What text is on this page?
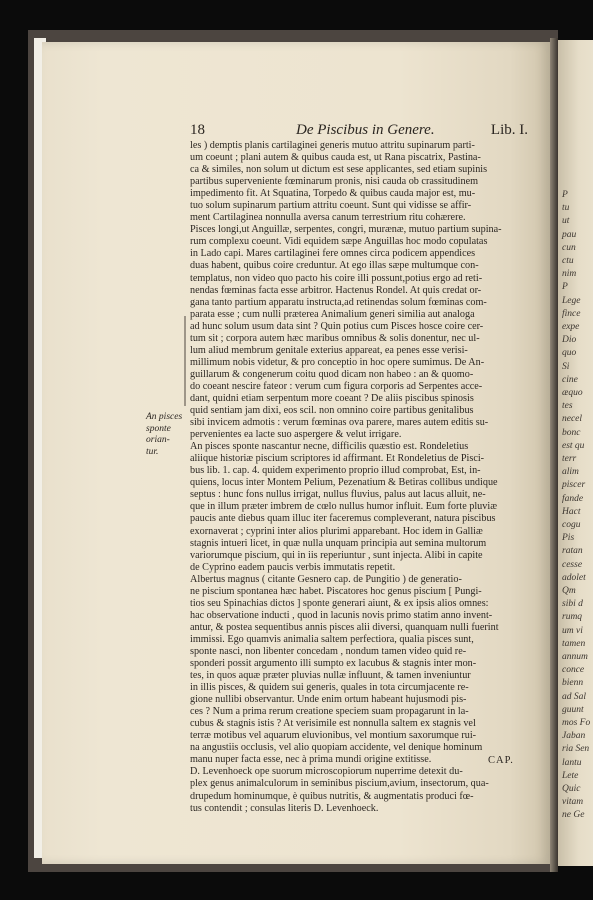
P
tu
ut
pau
cun
ctu
nim
P
Lege
fince
expe
Dio
quo
Si
cine
æquo
tes
necel
bonc
est qu
terr
alim
piscer
fande
Hact
cogu
Pis
ratan
cesse
adolet
Qm
sibi d
rumq
um vi
tamen
annum
conce
bienn
ad Sal
guunt
mos Fo
Jaban
ria Sen
lantu
Lete
Quic
vitam
ne Ge
18	De Piscibus in Genere.	Lib. I.
An pisces
sponte orian-
tur.
les ) demptis planis cartilaginei generis mutuo attritu supinarum parti-
um coeunt ; plani autem & quibus cauda est, ut Rana piscatrix, Pastina-
ca & similes, non solum ut dictum est sese applicantes, sed etiam supinis
partibus superveniente fœminarum pronis, nisi cauda ob crassitudinem
impedimento fit. At Squatina, Torpedo & quibus cauda major est, mu-
tuo solum supinarum partium attritu coeunt. Sunt qui vidisse se affir-
ment Cartilaginea nonnulla aversa canum terrestrium ritu cohærere.
Pisces longi,ut Anguillæ, serpentes, congri, murænæ, mutuo partium supina-
rum complexu coeunt. Vidi equidem sæpe Anguillas hoc modo copulatas
in Lado capi. Mares cartilaginei fere omnes circa podicem appendices
duas habent, quibus coire creduntur. At ego illas sæpe multumque con-
templatus, non video quo pacto his coire illi possunt,potius ergo ad reti-
nendas fœminas facta esse arbitror. Hactenus Rondel. At quis credat or-
gana tanto partium apparatu instructa,ad retinendas solum fœminas com-
parata esse ; cum nulli præterea Animalium generi similia aut analoga
ad hunc solum usum data sint ? Quin potius cum Pisces hosce coire cer-
tum sit ; corpora autem hæc maribus omnibus & solis donentur, nec ul-
lum aliud membrum genitale exterius appareat, ea penes esse verisi-
millimum nobis videtur, & pro conceptio in hoc opere sumimus. De An-
guillarum & congenerum coitu quod dicam non habeo : an & quomo-
do coeant nescire fateor : verum cum figura corporis ad Serpentes acce-
dant, quidni etiam serpentum more coeant ? De aliis piscibus spinosis
quid sentiam jam dixi, eos scil. non omnino coire partibus genitalibus
sibi invicem admotis : verum fœminas ova parere, mares autem editis su-
pervenientes ea lacte suo aspergere & velut irrigare.
An pisces sponte nascantur necne, difficilis quæstio est. Rondeletius
aliique historiæ piscium scriptores id affirmant. Et Rondeletius de Pisci-
bus lib. 1. cap. 4. quidem experimento proprio illud comprobat, Est, in-
quiens, locus inter Montem Pelium, Pezenatium & Betiras collibus undique
septus : hunc fons nullus irrigat, nullus fluvius, palus aut lacus alluit, ne-
que in illum præter imbrem de cœlo nullus humor influit. Eum forte pluviæ
paucis ante diebus quam illuc iter faceremus compleverant, natura piscibus
exornaverat ; cyprini inter alios plurimi apparebant. Hoc idem in Galliæ
stagnis intueri licet, in quæ nulla unquam principia aut semina multorum
variorumque piscium, qui in iis reperiuntur , sunt injecta. Alibi in capite
de Cyprino eadem paucis verbis immutatis repetit.
Albertus magnus ( citante Gesnero cap. de Pungitio ) de generatio-
ne piscium spontanea hæc habet. Piscatores hoc genus piscium [ Pungi-
tios seu Spinachias dictos ] sponte generari aiunt, & ex ipsis alios omnes:
hac observatione inducti , quod in lacunis novis primo statim anno invent-
antur, & postea sequentibus annis pisces alii diversi, quanquam nulli fuerint
immissi. Ego quamvis animalia saltem perfectiora, qualia pisces sunt,
sponte nasci, non libenter concedam , nondum tamen video quid re-
sponderi possit argumento illi sumpto ex lacubus & stagnis inter mon-
tes, in quos aquæ præter pluvias nullæ influunt, & tamen inveniuntur
in illis pisces, & quidem sui generis, quales in tota circumjacente re-
gione nullibi observantur. Unde enim ortum habeant hujusmodi pis-
ces ? Num a prima rerum creatione speciem suam propagarunt in la-
cubus & stagnis istis ? At verisimile est nonnulla saltem ex stagnis vel
terræ motibus vel aquarum eluvionibus, vel montium saxorumque rui-
na angustiis occlusis, vel alio quopiam accidente, vel denique hominum
manu nuper facta esse, nec à prima mundi origine extitisse.
D. Levenhoeck ope suorum microscopiorum nuperrime detexit du-
plex genus animalculorum in seminibus piscium,avium, insectorum, qua-
drupedum hominumque, è quibus nutritis, & augmentatis produci fœ-
tus contendit ; consulas literis D. Levenhoeck.
CAP.
